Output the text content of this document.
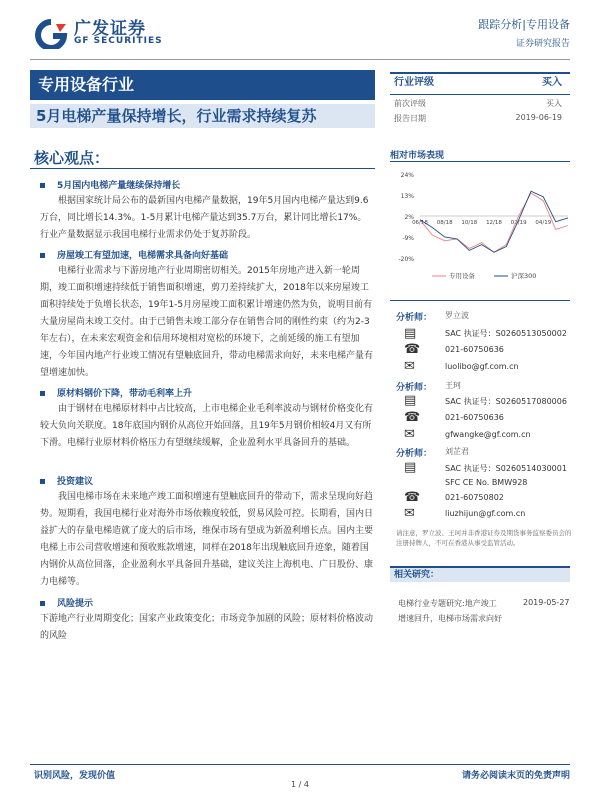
广发证券
GF SECURITIES
跟踪分析|专用设备
证券研究报告
专用设备行业
5月电梯产量保持增长，行业需求持续复苏
核心观点：
5月国内电梯产量继续保持增长
根据国家统计局公布的最新国内电梯产量数据，19年5月国内电梯产量达到9.6万台，同比增长14.3%。1-5月累计电梯产量达到35.7万台，累计同比增长17%。行业产量数据显示我国电梯行业需求仍处于复苏阶段。
房屋竣工有望加速，电梯需求具备向好基础
电梯行业需求与下游房地产行业周期密切相关。2015年房地产进入新一轮周期，竣工面积增速持续低于销售面积增速，剪刀差持续扩大，2018年以来房屋竣工面积持续处于负增长状态，19年1-5月房屋竣工面积累计增速仍然为负，说明目前有大量房屋尚未竣工交付。由于已销售未竣工部分存在销售合同的刚性约束（约为2-3年左右），在未来宏观资金和信用环境相对宽松的环境下，之前延缓的施工有望加速，今年国内地产行业竣工情况有望触底回升，带动电梯需求向好，未来电梯产量有望增速加快。
原材料钢价下降，带动毛利率上升
由于钢材在电梯原材料中占比较高，上市电梯企业毛利率波动与钢材价格变化有较大负向关联度。18年底国内钢价从高位开始回落，且19年5月钢价相较4月又有所下滑。电梯行业原材料价格压力有望继续缓解，企业盈利水平具备回升的基础。
投资建议
我国电梯市场在未来地产竣工面积增速有望触底回升的带动下，需求呈现向好趋势。短期看，我国电梯行业对海外市场依赖度较低，贸易风险可控。长期看，国内日益扩大的存量电梯造就了庞大的后市场，维保市场有望成为新盈利增长点。国内主要电梯上市公司营收增速和预收账款增速，同样在2018年出现触底回升迹象，随着国内钢价从高位回落，企业盈利水平具备回升基础，建议关注上海机电、广日股份、康力电梯等。
风险提示
下游地产行业周期变化；国家产业政策变化；市场竞争加剧的风险；原材料价格波动的风险
行业评级	买入
前次评级	买入
报告日期	2019-06-19
相对市场表现
24%
13%
2%
-9%
-20%
06/18 08/18 10/18 12/18 02/19 04/19
专用设备	沪深300
分析师： 罗立波
▤	SAC 执证号：S0260513050002
☎	021-60750636
✉	luolibo@gf.com.cn
分析师： 王珂
▤	SAC 执证号：S0260517080006
☎	021-60750636
✉	gfwangke@gf.com.cn
分析师： 刘芷君
▤	SAC 执证号：S0260514030001
SFC CE No. BMW928
☎	021-60750802
✉	liuzhijun@gf.com.cn
请注意，罗立波、王珂并非香港证券及期货事务监察委员会的注册持牌人，不可在香港从事受监管活动。
相关研究：
电梯行业专题研究:地产竣工	2019-05-27
增速回升，电梯市场需求向好
识别风险，发现价值	请务必阅读末页的免责声明
1 / 4
